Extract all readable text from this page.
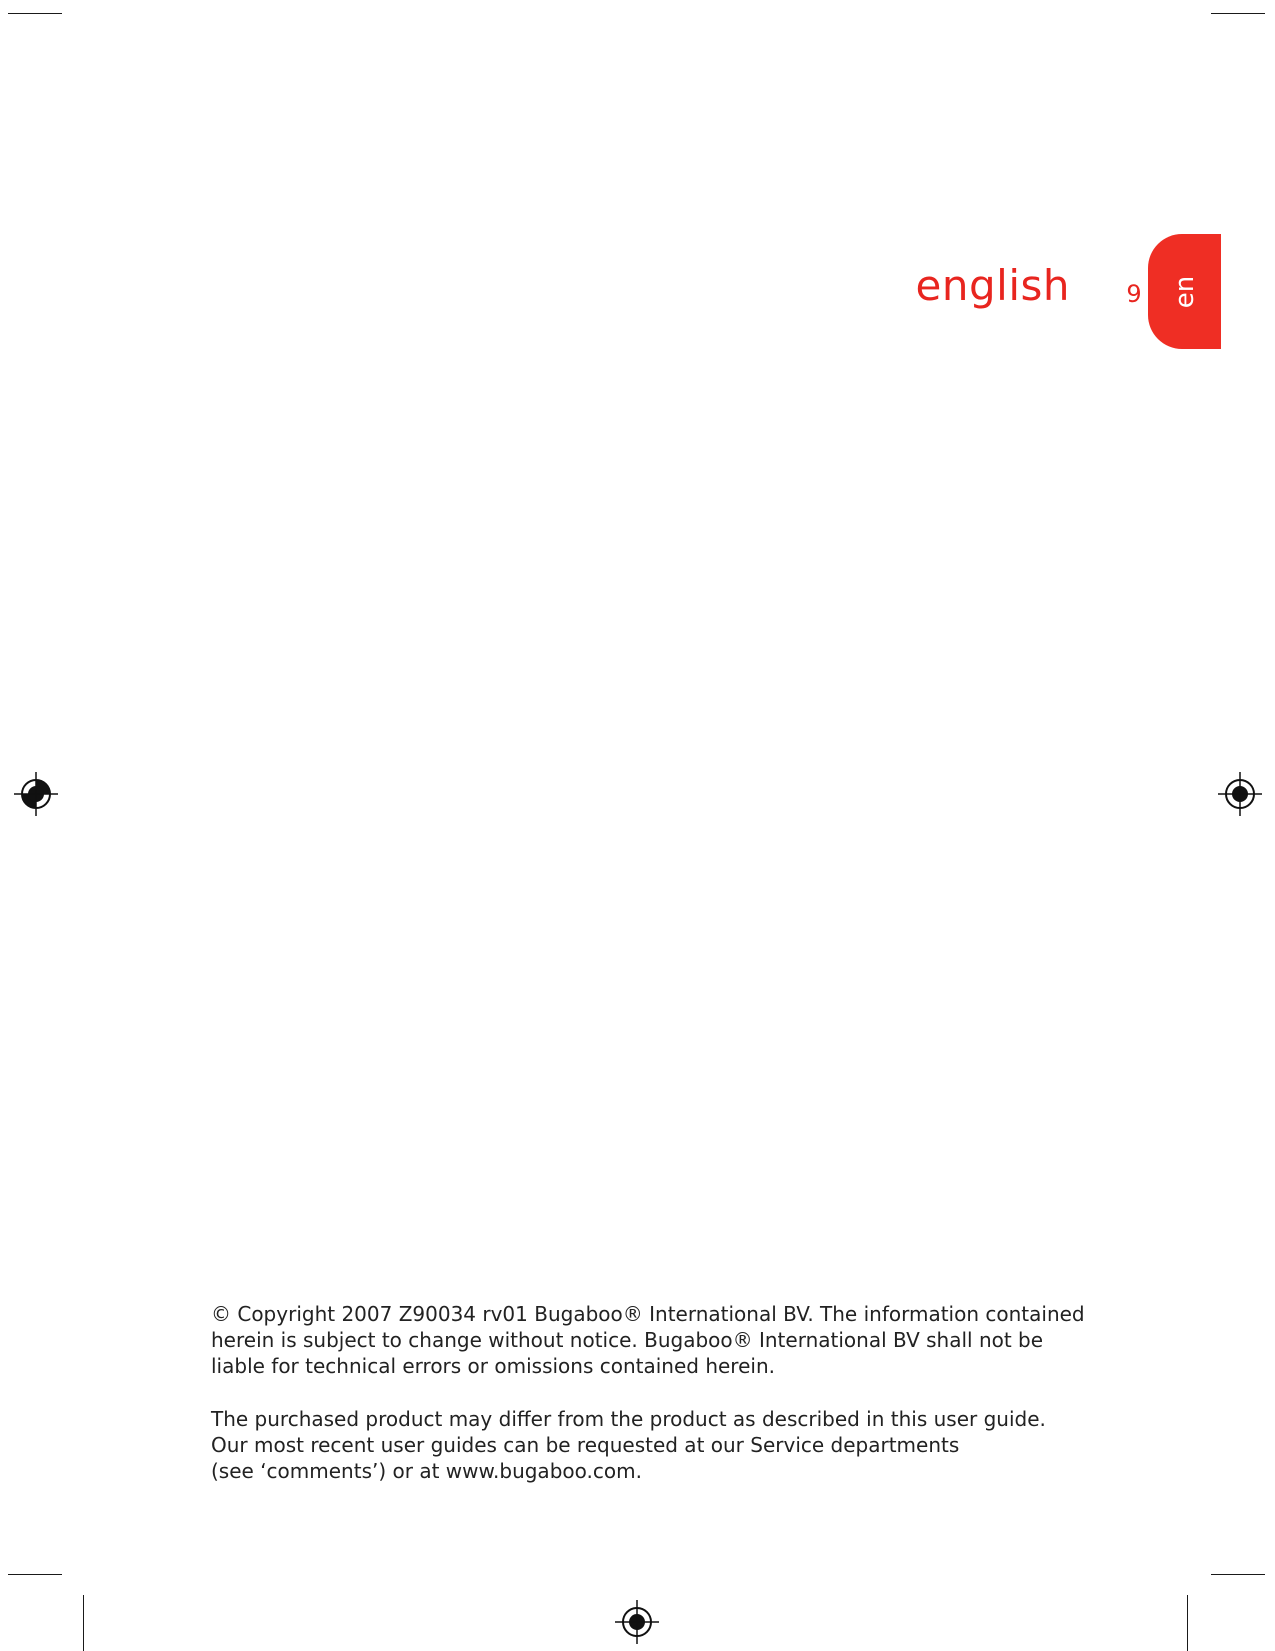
english 9 en
© Copyright 2007 Z90034 rv01 Bugaboo® International BV. The information contained
herein is subject to change without notice. Bugaboo® International BV shall not be
liable for technical errors or omissions contained herein.
The purchased product may differ from the product as described in this user guide.
Our most recent user guides can be requested at our Service departments
(see ‘comments’) or at www.bugaboo.com.
